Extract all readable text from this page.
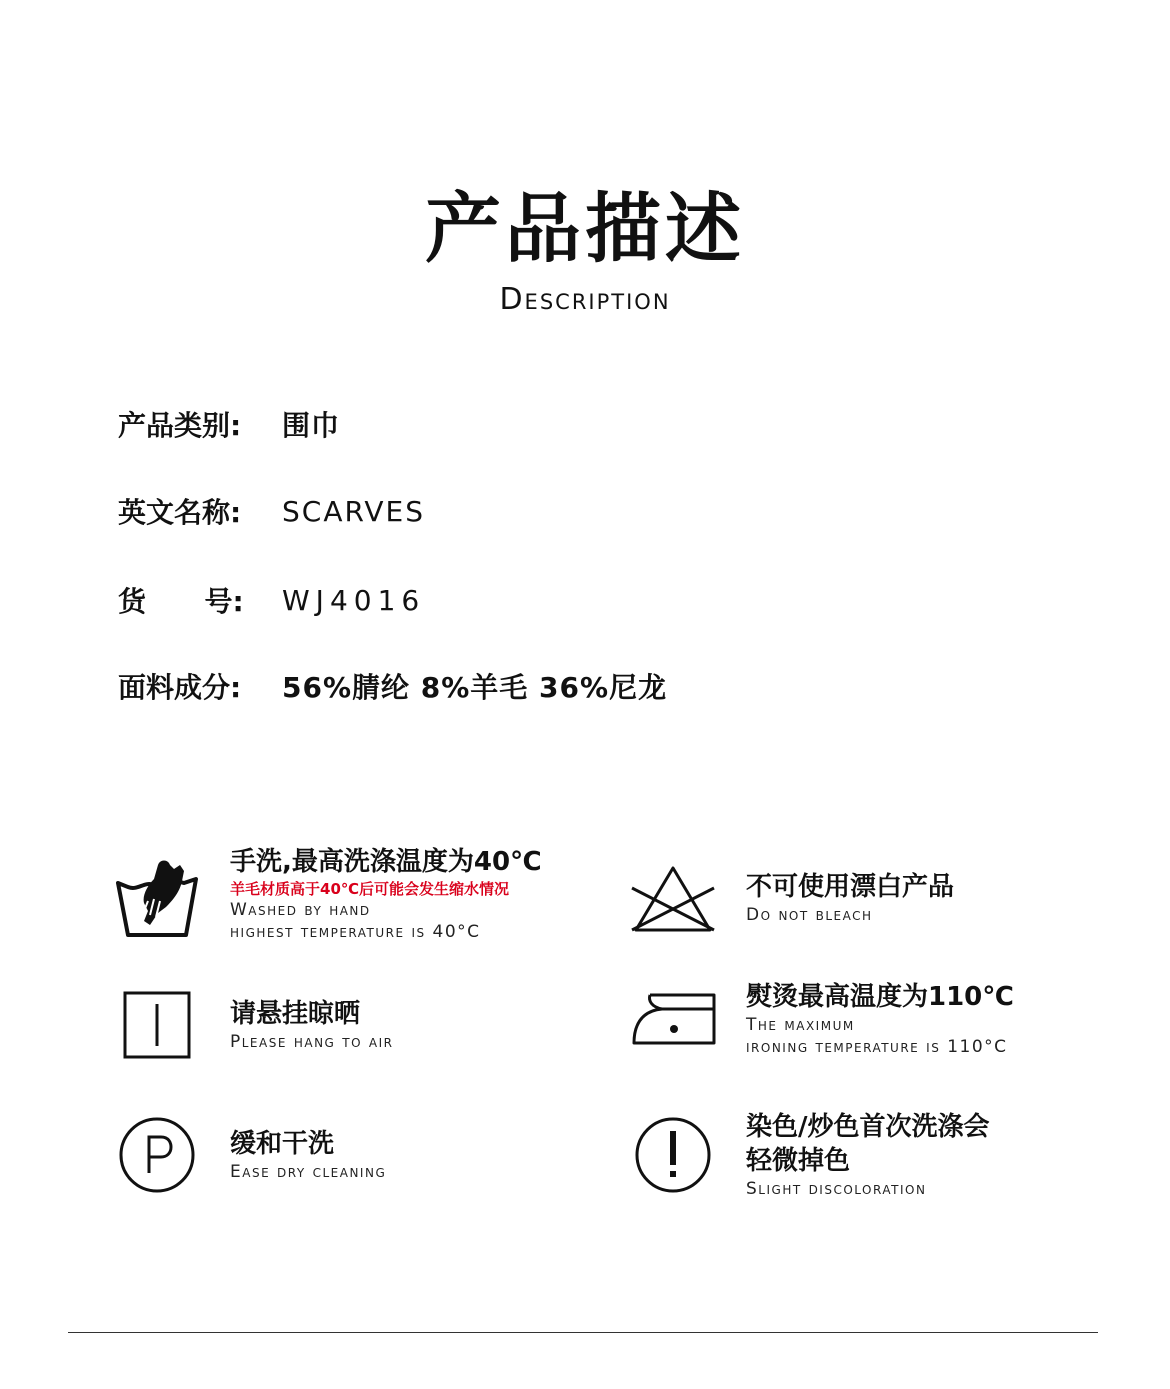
产品描述
Description
产品类别:	围巾
英文名称:	SCARVES
货      号:	WJ4016
面料成分:	56%腈纶 8%羊毛 36%尼龙
手洗,最高洗涤温度为40℃
羊毛材质高于40℃后可能会发生缩水情况
Washed by hand
highest temperature is 40°C
不可使用漂白产品
Do not bleach
请悬挂晾晒
Please hang to air
熨烫最高温度为110℃
The maximum
ironing temperature is 110°C
缓和干洗
Ease dry cleaning
染色/炒色首次洗涤会
轻微掉色
Slight discoloration
